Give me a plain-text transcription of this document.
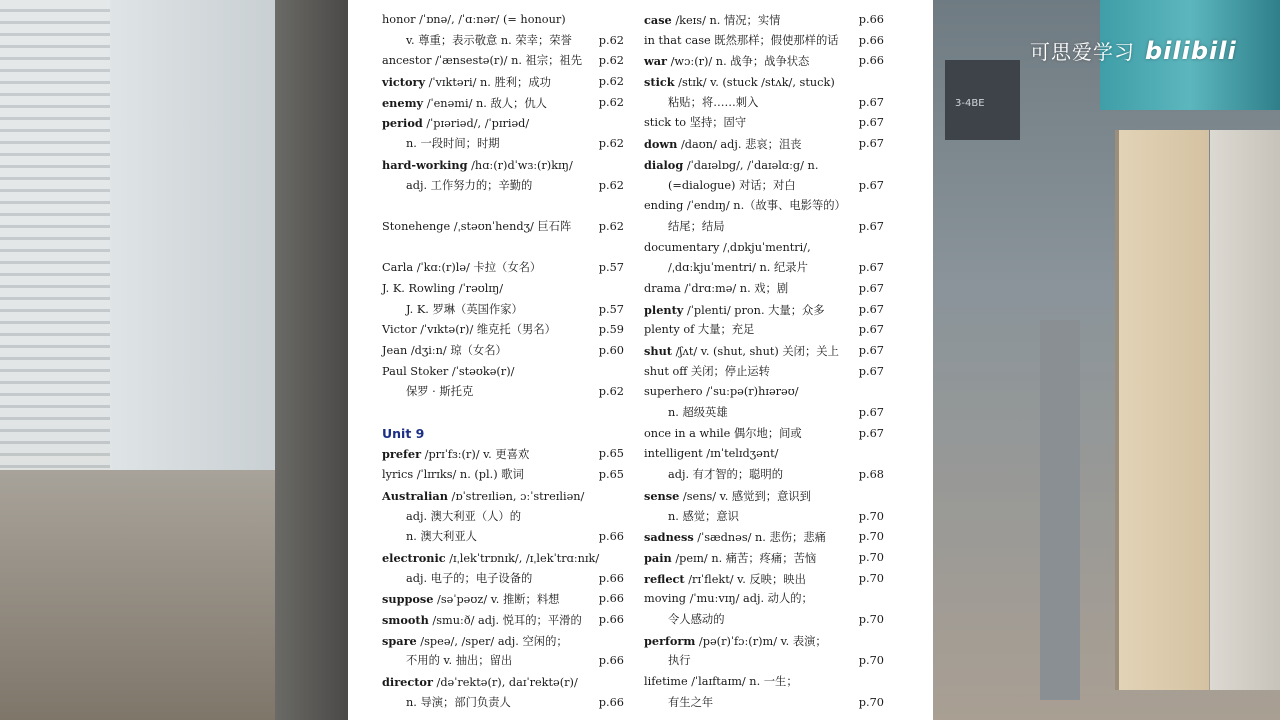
3-4BE
可思爱学习 bilibili
honor /ˈɒnə/, /ˈɑːnər/ (= honour)
v. 尊重；表示敬意 n. 荣幸；荣誉 p.62
ancestor /ˈænsestə(r)/ n. 祖宗；祖先 p.62
victory /ˈvɪktəri/ n. 胜利；成功	p.62
enemy /ˈenəmi/ n. 敌人；仇人	p.62
period /ˈpɪəriəd/, /ˈpɪriəd/
n. 一段时间；时期	p.62
hard-working /hɑː(r)dˈwɜː(r)kɪŋ/
adj. 工作努力的；辛勤的	p.62
Stonehenge /ˌstəʊnˈhendʒ/ 巨石阵 p.62
Carla /ˈkɑː(r)lə/ 卡拉（女名）	p.57
J. K. Rowling /ˈrəʊlɪŋ/
J. K. 罗琳（英国作家）	p.57
Victor /ˈvɪktə(r)/ 维克托（男名）	p.59
Jean /dʒiːn/ 琼（女名）	p.60
Paul Stoker /ˈstəʊkə(r)/
保罗 · 斯托克	p.62
Unit 9
prefer /prɪˈfɜː(r)/ v. 更喜欢	p.65
lyrics /ˈlɪrɪks/ n. (pl.) 歌词	p.65
Australian /ɒˈstreɪliən, ɔːˈstreɪliən/
adj. 澳大利亚（人）的
n. 澳大利亚人	p.66
electronic /ɪˌlekˈtrɒnɪk/, /ɪˌlekˈtrɑːnɪk/
adj. 电子的；电子设备的	p.66
suppose /səˈpəʊz/ v. 推断；料想	p.66
smooth /smuːð/ adj. 悦耳的；平滑的 p.66
spare /speə/, /sper/ adj. 空闲的；
不用的 v. 抽出；留出	p.66
director /dəˈrektə(r), daɪˈrektə(r)/
n. 导演；部门负责人	p.66
case /keɪs/ n. 情况；实情	p.66
in that case 既然那样；假使那样的话 p.66
war /wɔː(r)/ n. 战争；战争状态	p.66
stick /stɪk/ v. (stuck /stʌk/, stuck)
粘贴；将……刺入	p.67
stick to 坚持；固守	p.67
down /daʊn/ adj. 悲哀；沮丧	p.67
dialog /ˈdaɪəlɒg/, /ˈdaɪəlɑːg/ n.
(=dialogue) 对话；对白	p.67
ending /ˈendɪŋ/ n.（故事、电影等的）
结尾；结局	p.67
documentary /ˌdɒkjuˈmentri/,
/ˌdɑːkjuˈmentri/ n. 纪录片	p.67
drama /ˈdrɑːmə/ n. 戏；剧	p.67
plenty /ˈplenti/ pron. 大量；众多	p.67
plenty of 大量；充足	p.67
shut /ʃʌt/ v. (shut, shut) 关闭；关上 p.67
shut off 关闭；停止运转	p.67
superhero /ˈsuːpə(r)hɪərəʊ/
n. 超级英雄	p.67
once in a while 偶尔地；间或	p.67
intelligent /ɪnˈtelɪdʒənt/
adj. 有才智的；聪明的	p.68
sense /sens/ v. 感觉到；意识到
n. 感觉；意识	p.70
sadness /ˈsædnəs/ n. 悲伤；悲痛	p.70
pain /peɪn/ n. 痛苦；疼痛；苦恼	p.70
reflect /rɪˈflekt/ v. 反映；映出	p.70
moving /ˈmuːvɪŋ/ adj. 动人的；
令人感动的	p.70
perform /pə(r)ˈfɔː(r)m/ v. 表演；
执行	p.70
lifetime /ˈlaɪftaɪm/ n. 一生；
有生之年	p.70
